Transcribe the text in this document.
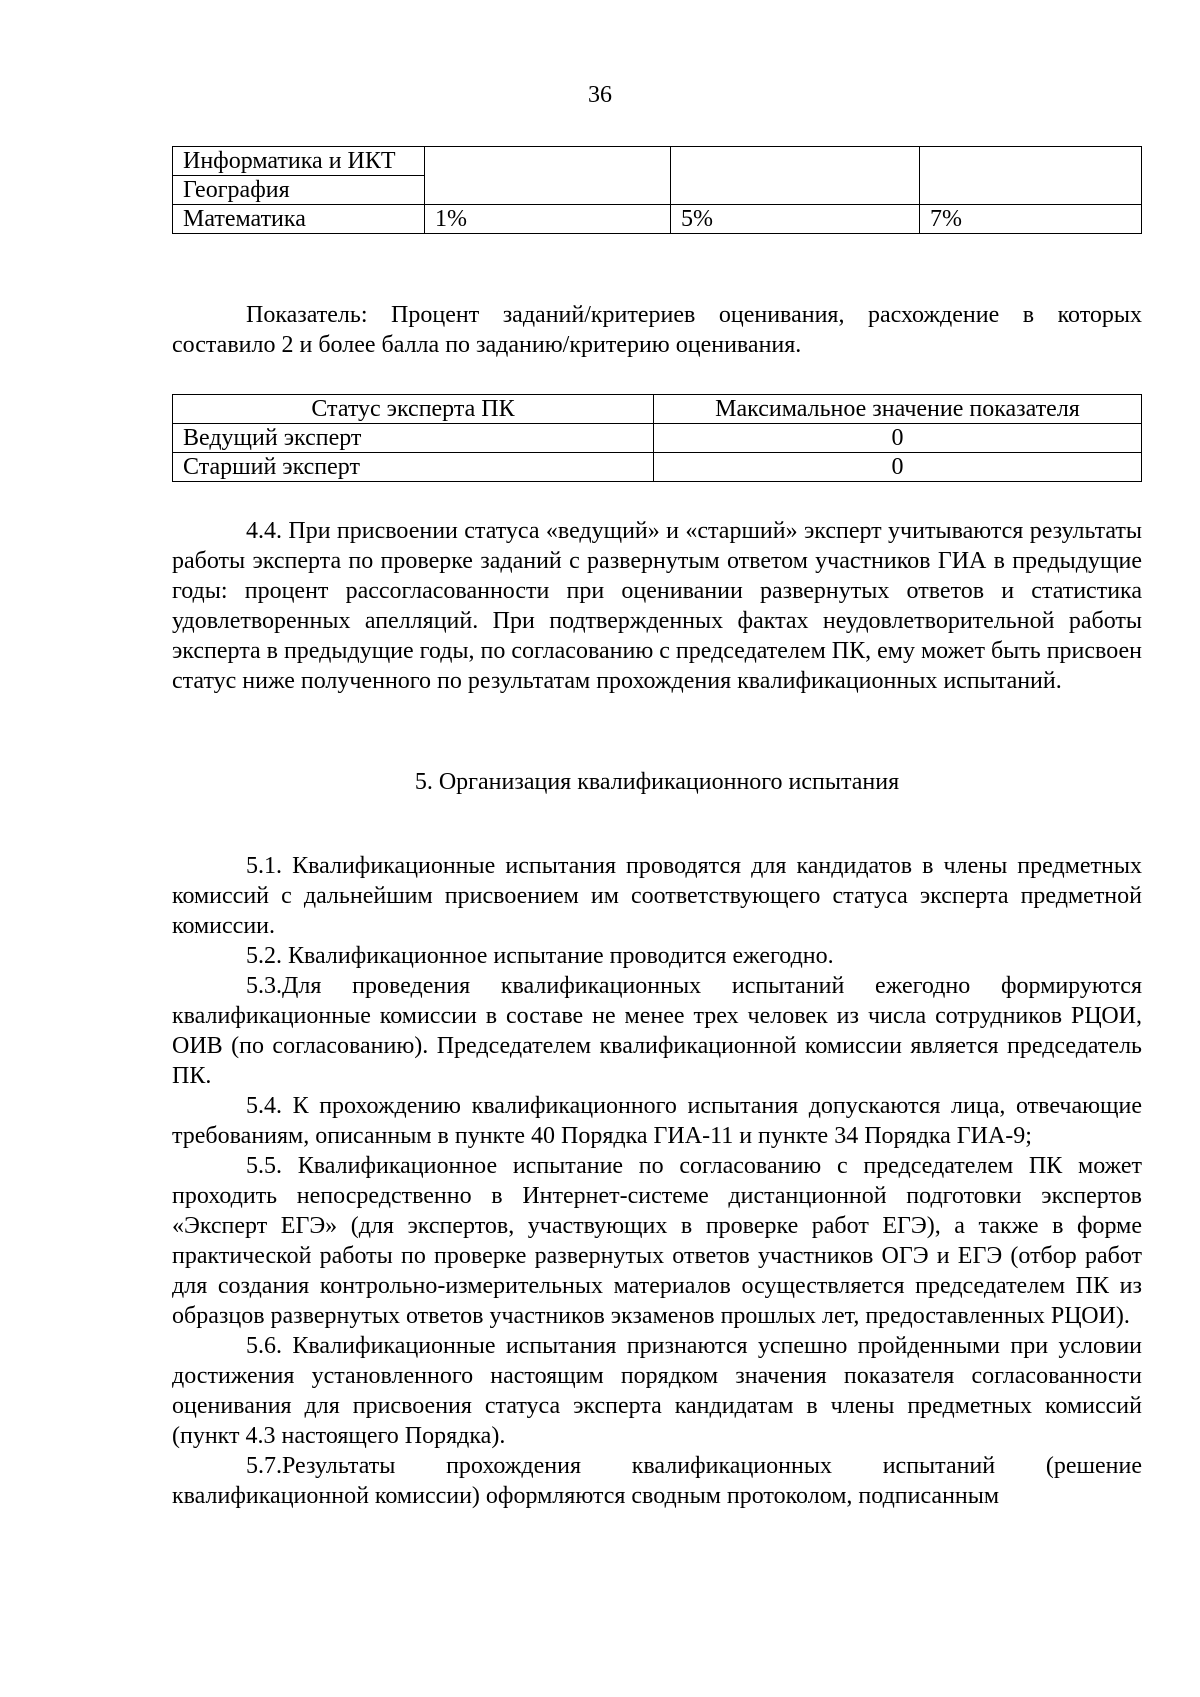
36
Информатика и ИКТ			
География			
Математика	1%	5%	7%

Показатель: Процент заданий/критериев оценивания, расхождение в которых составило 2 и более балла по заданию/критерию оценивания.

Статус эксперта ПК	Максимальное значение показателя
Ведущий эксперт	0
Старший эксперт	0

4.4. При присвоении статуса «ведущий» и «старший» эксперт учитываются результаты работы эксперта по проверке заданий с развернутым ответом участников ГИА в предыдущие годы: процент рассогласованности при оценивании развернутых ответов и статистика удовлетворенных апелляций. При подтвержденных фактах неудовлетворительной работы эксперта в предыдущие годы, по согласованию с председателем ПК, ему может быть присвоен статус ниже полученного по результатам прохождения квалификационных испытаний.

5. Организация квалификационного испытания

5.1. Квалификационные испытания проводятся для кандидатов в члены предметных комиссий с дальнейшим присвоением им соответствующего статуса эксперта предметной комиссии.

5.2. Квалификационное испытание проводится ежегодно.

5.3.Для проведения квалификационных испытаний ежегодно формируются квалификационные комиссии в составе не менее трех человек из числа сотрудников РЦОИ, ОИВ (по согласованию). Председателем квалификационной комиссии является председатель ПК.

5.4. К прохождению квалификационного испытания допускаются лица, отвечающие требованиям, описанным в пункте 40 Порядка ГИА-11 и пункте 34 Порядка ГИА-9;

5.5. Квалификационное испытание по согласованию с председателем ПК может проходить непосредственно в Интернет-системе дистанционной подготовки экспертов «Эксперт ЕГЭ» (для экспертов, участвующих в проверке работ ЕГЭ), а также в форме практической работы по проверке развернутых ответов участников ОГЭ и ЕГЭ (отбор работ для создания контрольно-измерительных материалов осуществляется председателем ПК из образцов развернутых ответов участников экзаменов прошлых лет, предоставленных РЦОИ).

5.6. Квалификационные испытания признаются успешно пройденными при условии достижения установленного настоящим порядком значения показателя согласованности оценивания для присвоения статуса эксперта кандидатам в члены предметных комиссий (пункт 4.3 настоящего Порядка).

5.7.Результаты прохождения квалификационных испытаний (решение квалификационной комиссии) оформляются сводным протоколом, подписанным
